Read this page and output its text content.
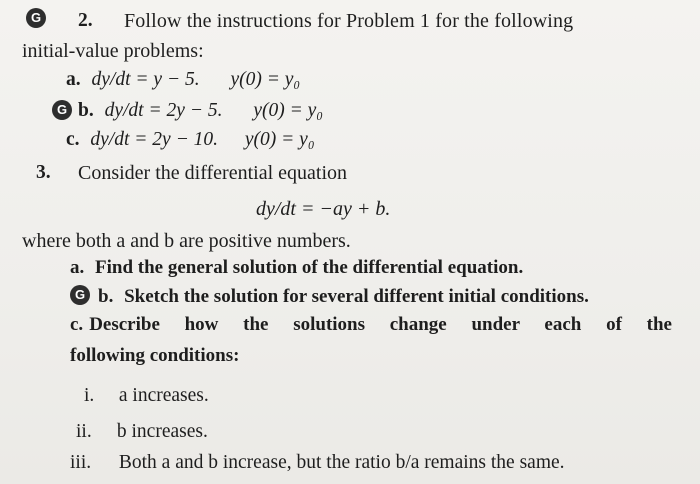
G 2. Follow the instructions for Problem 1 for the following
initial-value problems:
a. dy/dt = y − 5. y(0) = y₀
G b. dy/dt = 2y − 5. y(0) = y₀
c. dy/dt = 2y − 10. y(0) = y₀
3. Consider the differential equation
dy/dt = −ay + b.
where both a and b are positive numbers.
a. Find the general solution of the differential equation.
G b. Sketch the solution for several different initial conditions.
c. Describe how the solutions change under each of the
following conditions:
i. a increases.
ii. b increases.
iii. Both a and b increase, but the ratio b/a remains the same.
